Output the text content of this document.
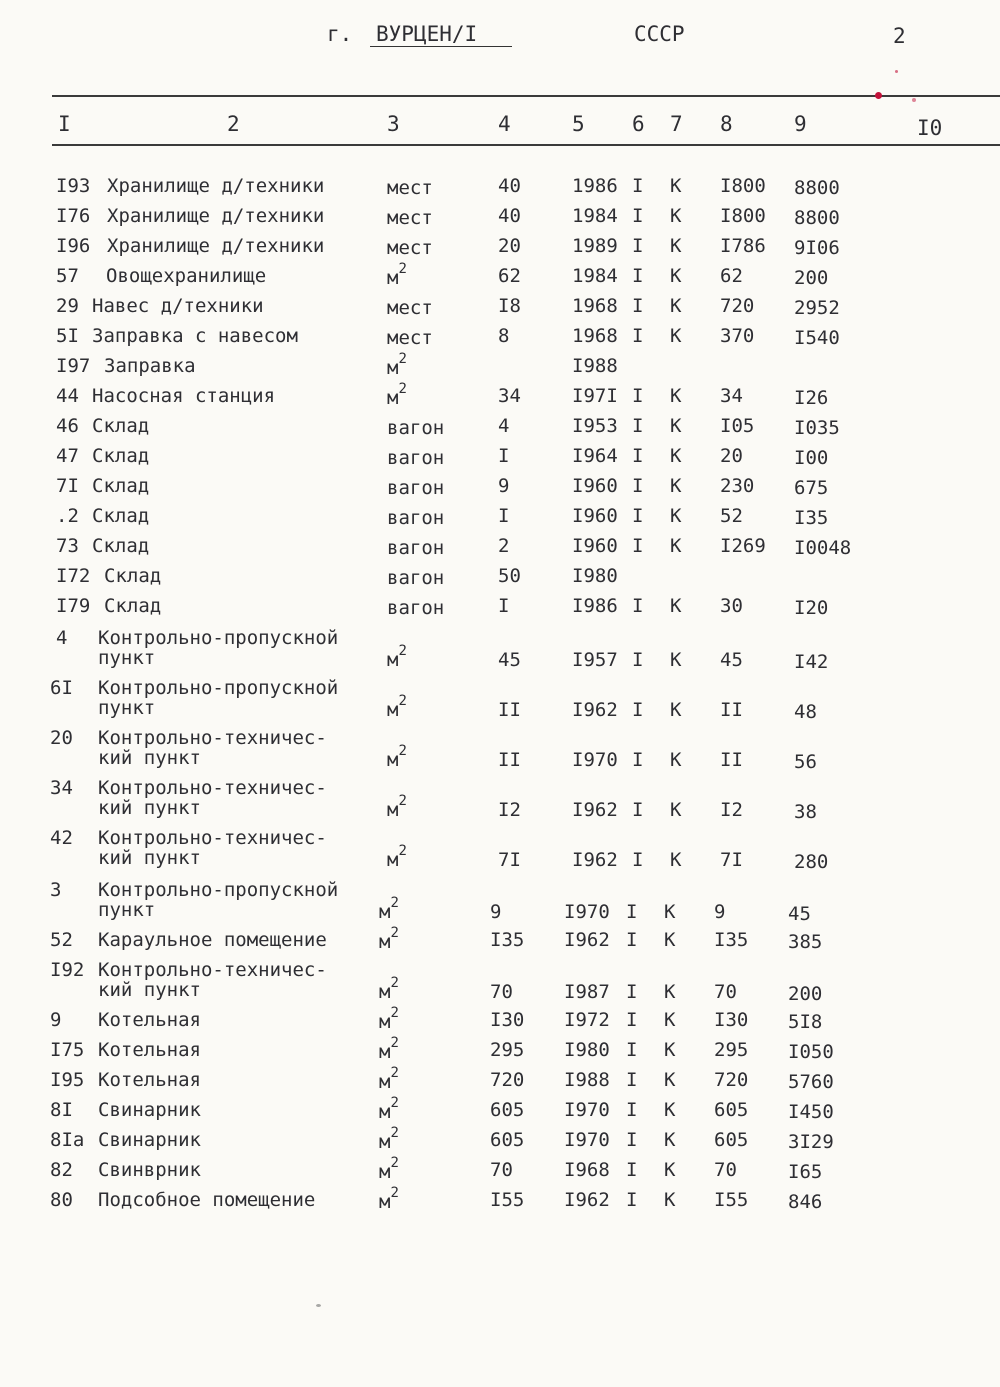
г. ВУРЦЕН/I	СССР	2
I	2	3	4	5 6 7 8	9	I0
I93 Хранилище д/техники	мест	40	1986 I К I800 8800
I76 Хранилище д/техники	мест	40	1984 I К I800 8800
I96 Хранилище д/техники	мест	20	1989 I К I786 9I06
57 Овощехранилище	$м^2$	62	1984 I К 62	200
29 Навес д/техники	мест	I8	1968 I К 720 2952
5I Заправка с навесом	мест	8	1968 I К 370 I540
I97 Заправка	$м^2$	I988
44 Насосная станция	$м^2$	34	I97I I К 34	I26
46 Склад	вагон	4	I953 I К I05 I035
47 Склад	вагон	I	I964 I К 20	I00
7I Склад	вагон	9	I960 I К 230 675
.2 Склад	вагон	I	I960 I К 52	I35
73 Склад	вагон	2	I960 I К I269 I0048
I72 Склад	вагон	50	I980
I79 Склад	вагон	I	I986 I К 30	I20
4 Контрольно-пропускной
пункт	$м^2$	45	I957 I К 45	I42
6I Контрольно-пропускной
пункт	$м^2$	II	I962 I К II	48
20 Контрольно-техничес-
кий пункт	$м^2$	II	I970 I К II	56
34 Контрольно-техничес-
кий пункт	$м^2$	I2	I962 I К I2	38
42 Контрольно-техничес-
кий пункт	$м^2$	7I	I962 I К 7I	280
3 Контрольно-пропускной
пункт	$м^2$	9	I970 I К 9	45
52 Караульное помещение	$м^2$	I35 I962 I К I35 385
I92 Контрольно-техничес-
кий пункт	$м^2$	70	I987 I К 70	200
9 Котельная	$м^2$	I30 I972 I К I30 5I8
I75 Котельная	$м^2$	295 I980 I К 295 I050
I95 Котельная	$м^2$	720 I988 I К 720 5760
8I Свинарник	$м^2$	605 I970 I К 605 I450
8Iа Свинарник	$м^2$	605 I970 I К 605 3I29
82 Свинврник	$м^2$	70	I968 I К 70	I65
80 Подсобное помещение	$м^2$	I55 I962 I К I55 846
